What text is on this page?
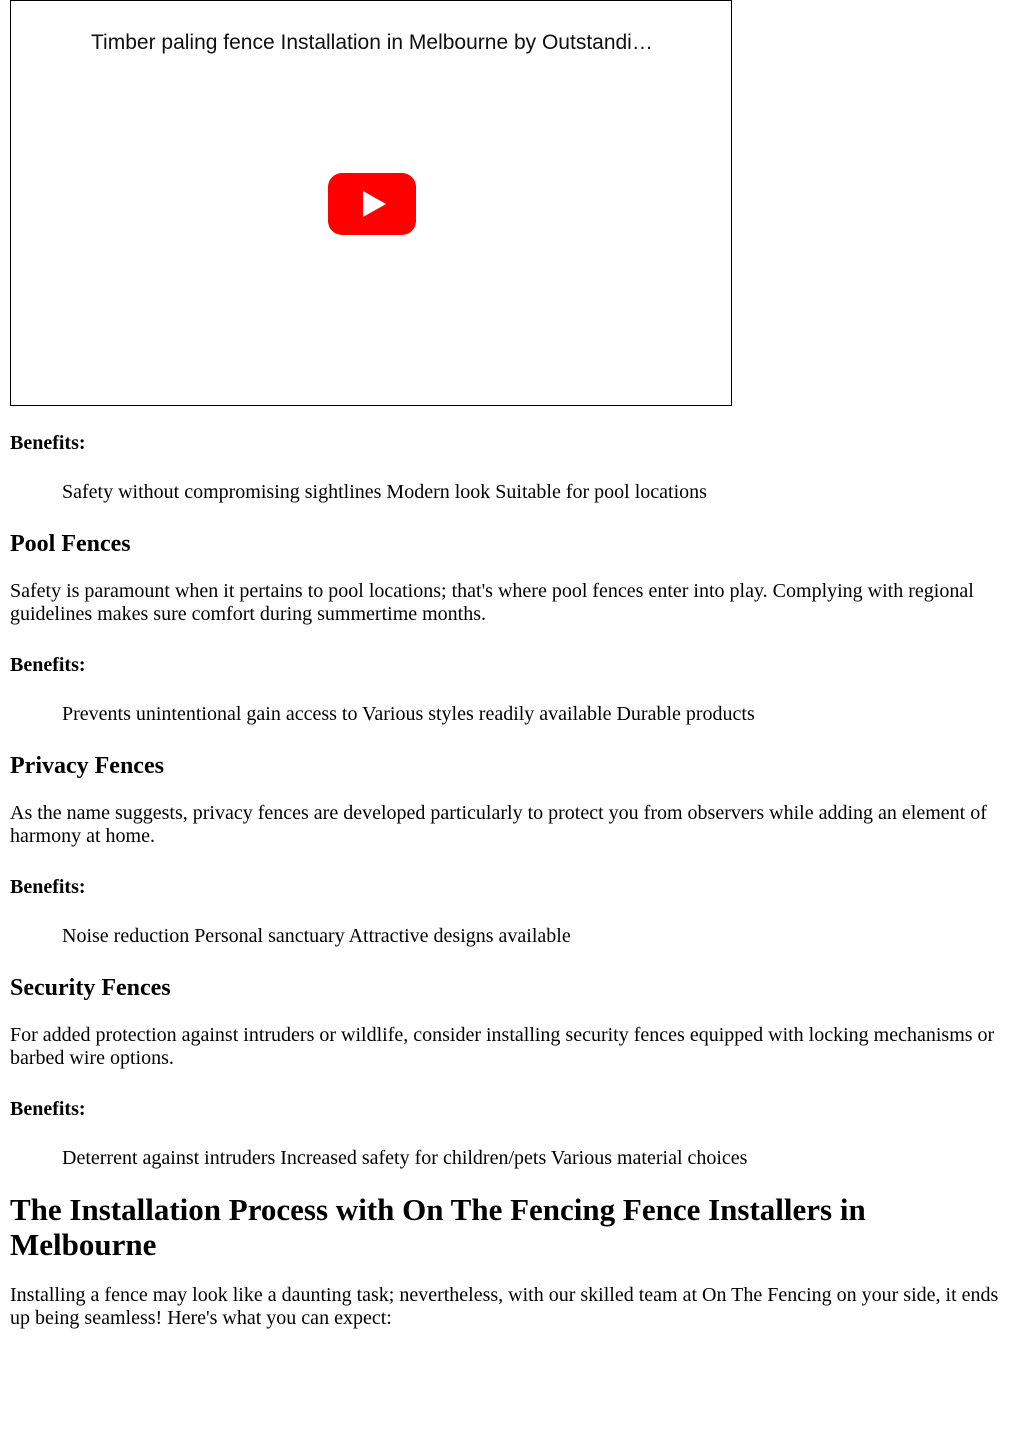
Timber paling fence Installation in Melbourne by Outstandi…
Benefits:
Safety without compromising sightlines Modern look Suitable for pool locations
Pool Fences

Safety is paramount when it pertains to pool locations; that's where pool fences enter into play. Complying with regional guidelines makes sure comfort during summertime months.

Benefits:
Prevents unintentional gain access to Various styles readily available Durable products
Privacy Fences

As the name suggests, privacy fences are developed particularly to protect you from observers while adding an element of harmony at home.

Benefits:
Noise reduction Personal sanctuary Attractive designs available
Security Fences

For added protection against intruders or wildlife, consider installing security fences equipped with locking mechanisms or barbed wire options.

Benefits:
Deterrent against intruders Increased safety for children/pets Various material choices
The Installation Process with On The Fencing Fence Installers in Melbourne

Installing a fence may look like a daunting task; nevertheless, with our skilled team at On The Fencing on your side, it ends up being seamless! Here's what you can expect:
